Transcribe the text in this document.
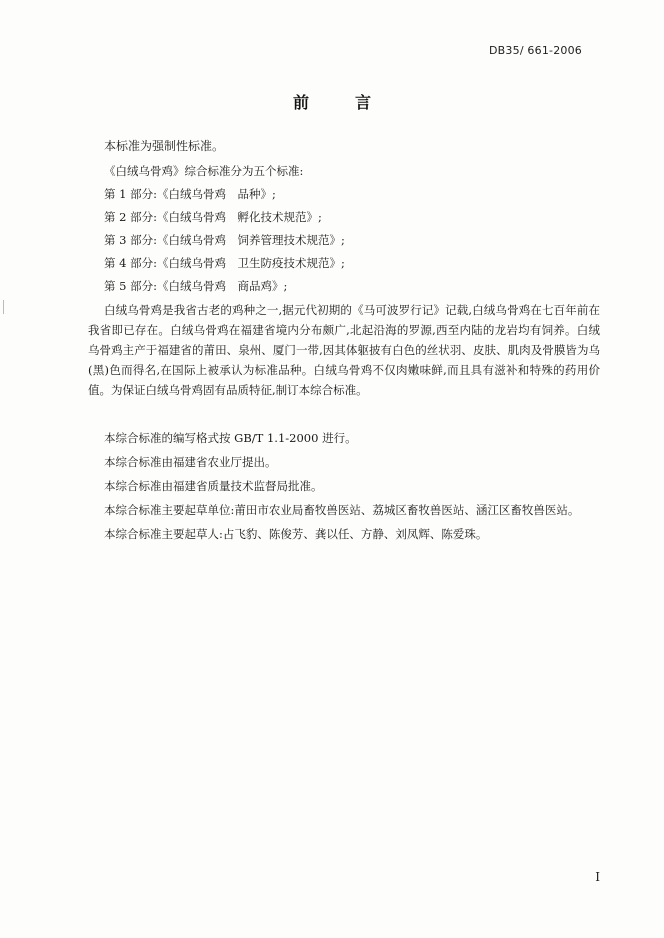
DB35/ 661-2006
前言

本标准为强制性标准。

《白绒乌骨鸡》综合标准分为五个标准:

第 1 部分:《白绒乌骨鸡　品种》;

第 2 部分:《白绒乌骨鸡　孵化技术规范》;

第 3 部分:《白绒乌骨鸡　饲养管理技术规范》;

第 4 部分:《白绒乌骨鸡　卫生防疫技术规范》;

第 5 部分:《白绒乌骨鸡　商品鸡》;

白绒乌骨鸡是我省古老的鸡种之一,据元代初期的《马可波罗行记》记载,白绒乌骨鸡在七百年前在我省即已存在。白绒乌骨鸡在福建省境内分布颇广,北起沿海的罗源,西至内陆的龙岩均有饲养。白绒乌骨鸡主产于福建省的莆田、泉州、厦门一带,因其体躯披有白色的丝状羽、皮肤、肌肉及骨膜皆为乌(黑)色而得名,在国际上被承认为标准品种。白绒乌骨鸡不仅肉嫩味鲜,而且具有滋补和特殊的药用价值。为保证白绒乌骨鸡固有品质特征,制订本综合标准。

本综合标准的编写格式按 GB/T 1.1-2000 进行。

本综合标准由福建省农业厅提出。

本综合标准由福建省质量技术监督局批准。

本综合标准主要起草单位:莆田市农业局畜牧兽医站、荔城区畜牧兽医站、涵江区畜牧兽医站。

本综合标准主要起草人:占飞豹、陈俊芳、龚以任、方静、刘凤辉、陈爱珠。

I
